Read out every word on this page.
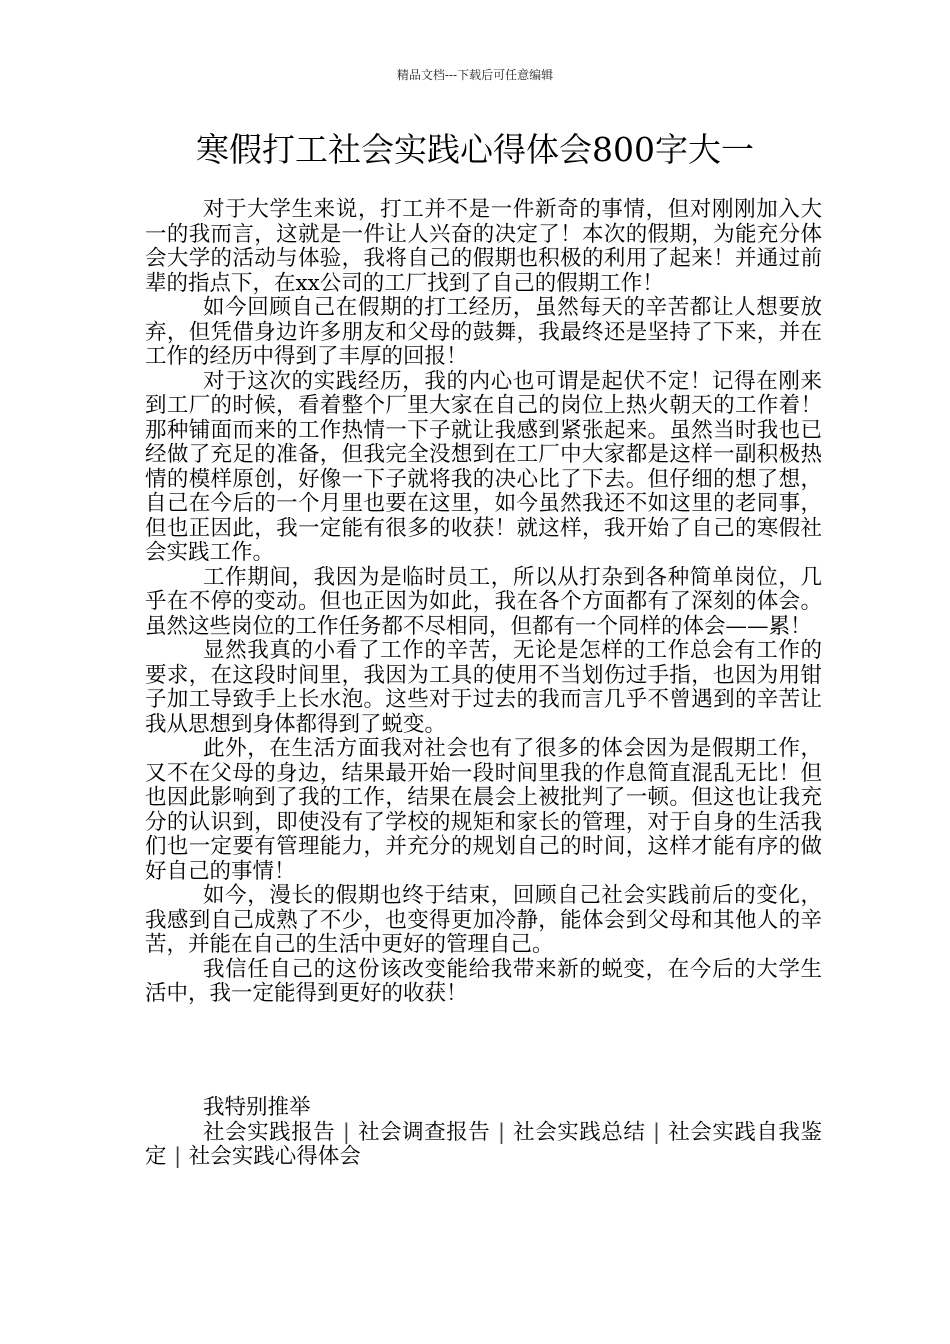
精品文档---下载后可任意编辑
寒假打工社会实践心得体会800字大一

对于大学生来说，打工并不是一件新奇的事情，但对刚刚加入大一的我而言，这就是一件让人兴奋的决定了！本次的假期，为能充分体会大学的活动与体验，我将自己的假期也积极的利用了起来！并通过前辈的指点下，在xx公司的工厂找到了自己的假期工作！

如今回顾自己在假期的打工经历，虽然每天的辛苦都让人想要放弃，但凭借身边许多朋友和父母的鼓舞，我最终还是坚持了下来，并在工作的经历中得到了丰厚的回报！

对于这次的实践经历，我的内心也可谓是起伏不定！记得在刚来到工厂的时候，看着整个厂里大家在自己的岗位上热火朝天的工作着！那种铺面而来的工作热情一下子就让我感到紧张起来。虽然当时我也已经做了充足的准备，但我完全没想到在工厂中大家都是这样一副积极热情的模样原创，好像一下子就将我的决心比了下去。但仔细的想了想，自己在今后的一个月里也要在这里，如今虽然我还不如这里的老同事，但也正因此，我一定能有很多的收获！就这样，我开始了自己的寒假社会实践工作。

工作期间，我因为是临时员工，所以从打杂到各种简单岗位，几乎在不停的变动。但也正因为如此，我在各个方面都有了深刻的体会。虽然这些岗位的工作任务都不尽相同，但都有一个同样的体会——累！

显然我真的小看了工作的辛苦，无论是怎样的工作总会有工作的要求，在这段时间里，我因为工具的使用不当划伤过手指，也因为用钳子加工导致手上长水泡。这些对于过去的我而言几乎不曾遇到的辛苦让我从思想到身体都得到了蜕变。

此外，在生活方面我对社会也有了很多的体会因为是假期工作，又不在父母的身边，结果最开始一段时间里我的作息简直混乱无比！但也因此影响到了我的工作，结果在晨会上被批判了一顿。但这也让我充分的认识到，即使没有了学校的规矩和家长的管理，对于自身的生活我们也一定要有管理能力，并充分的规划自己的时间，这样才能有序的做好自己的事情！

如今，漫长的假期也终于结束，回顾自己社会实践前后的变化，我感到自己成熟了不少，也变得更加冷静，能体会到父母和其他人的辛苦，并能在自己的生活中更好的管理自己。

我信任自己的这份该改变能给我带来新的蜕变，在今后的大学生活中，我一定能得到更好的收获！

我特别推举

社会实践报告 | 社会调查报告 | 社会实践总结 | 社会实践自我鉴定 | 社会实践心得体会
